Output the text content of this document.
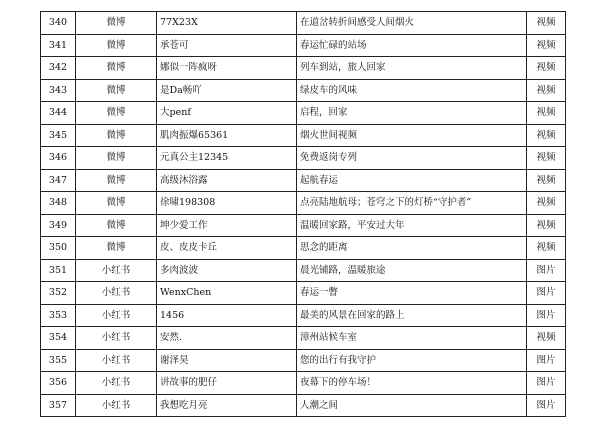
340	微博	77X23X	在道岔转折间感受人间烟火	视频
341	微博	承苍可	春运忙碌的站场	视频
342	微博	娜似一阵疯呀	列车到站，旅人回家	视频
343	微博	是Da畅吖	绿皮车的风味	视频
344	微博	大penf	启程，回家	视频
345	微博	肌肉振爆65361	烟火世间视频	视频
346	微博	元真公主12345	免费返岗专列	视频
347	微博	高级沐浴露	起航春运	视频
348	微博	徐啸198308	点亮陆地航母；苍穹之下的灯桥“守护者”	视频
349	微博	坤少爱工作	温暖回家路，平安过大年	视频
350	微博	皮、皮皮卡丘	思念的距离	视频
351	小红书	多肉波波	晨光铺路，温暖旅途	图片
352	小红书	WenxChen	春运一瞥	图片
353	小红书	1456	最美的风景在回家的路上	图片
354	小红书	安然.	漳州站候车室	视频
355	小红书	谢泽昊	您的出行有我守护	图片
356	小红书	讲故事的肥仔	夜幕下的停车场！	图片
357	小红书	我想吃月亮	人潮之间	图片
